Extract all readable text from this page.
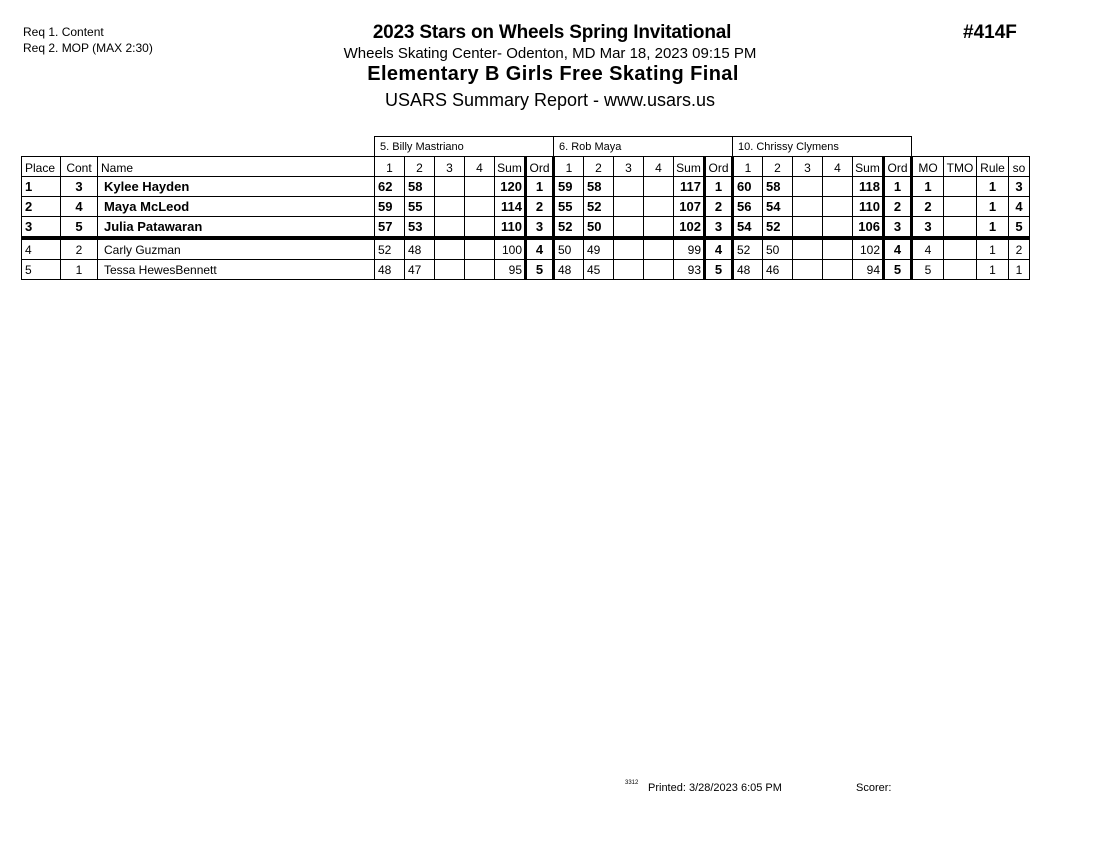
Req 1. Content
Req 2. MOP (MAX 2:30)
2023 Stars on Wheels Spring Invitational
Wheels Skating Center- Odenton, MD Mar 18, 2023 09:15 PM
Elementary B Girls Free Skating Final
USARS Summary Report - www.usars.us
#414F
			5. Billy Mastriano						6. Rob Maya						10. Chrissy Clymens									
Place	Cont	Name	1	2	3	4	Sum	Ord	1	2	3	4	Sum	Ord	1	2	3	4	Sum	Ord	MO	TMO	Rule	so
1	3	Kylee Hayden	62	58			120	1	59	58			117	1	60	58			118	1	1		1	3
2	4	Maya McLeod	59	55			114	2	55	52			107	2	56	54			110	2	2		1	4
3	5	Julia Patawaran	57	53			110	3	52	50			102	3	54	52			106	3	3		1	5
4	2	Carly Guzman	52	48			100	4	50	49			99	4	52	50			102	4	4		1	2
5	1	Tessa HewesBennett	48	47			95	5	48	45			93	5	48	46			94	5	5		1	1
3312 Printed: 3/28/2023 6:05 PM	Scorer:
